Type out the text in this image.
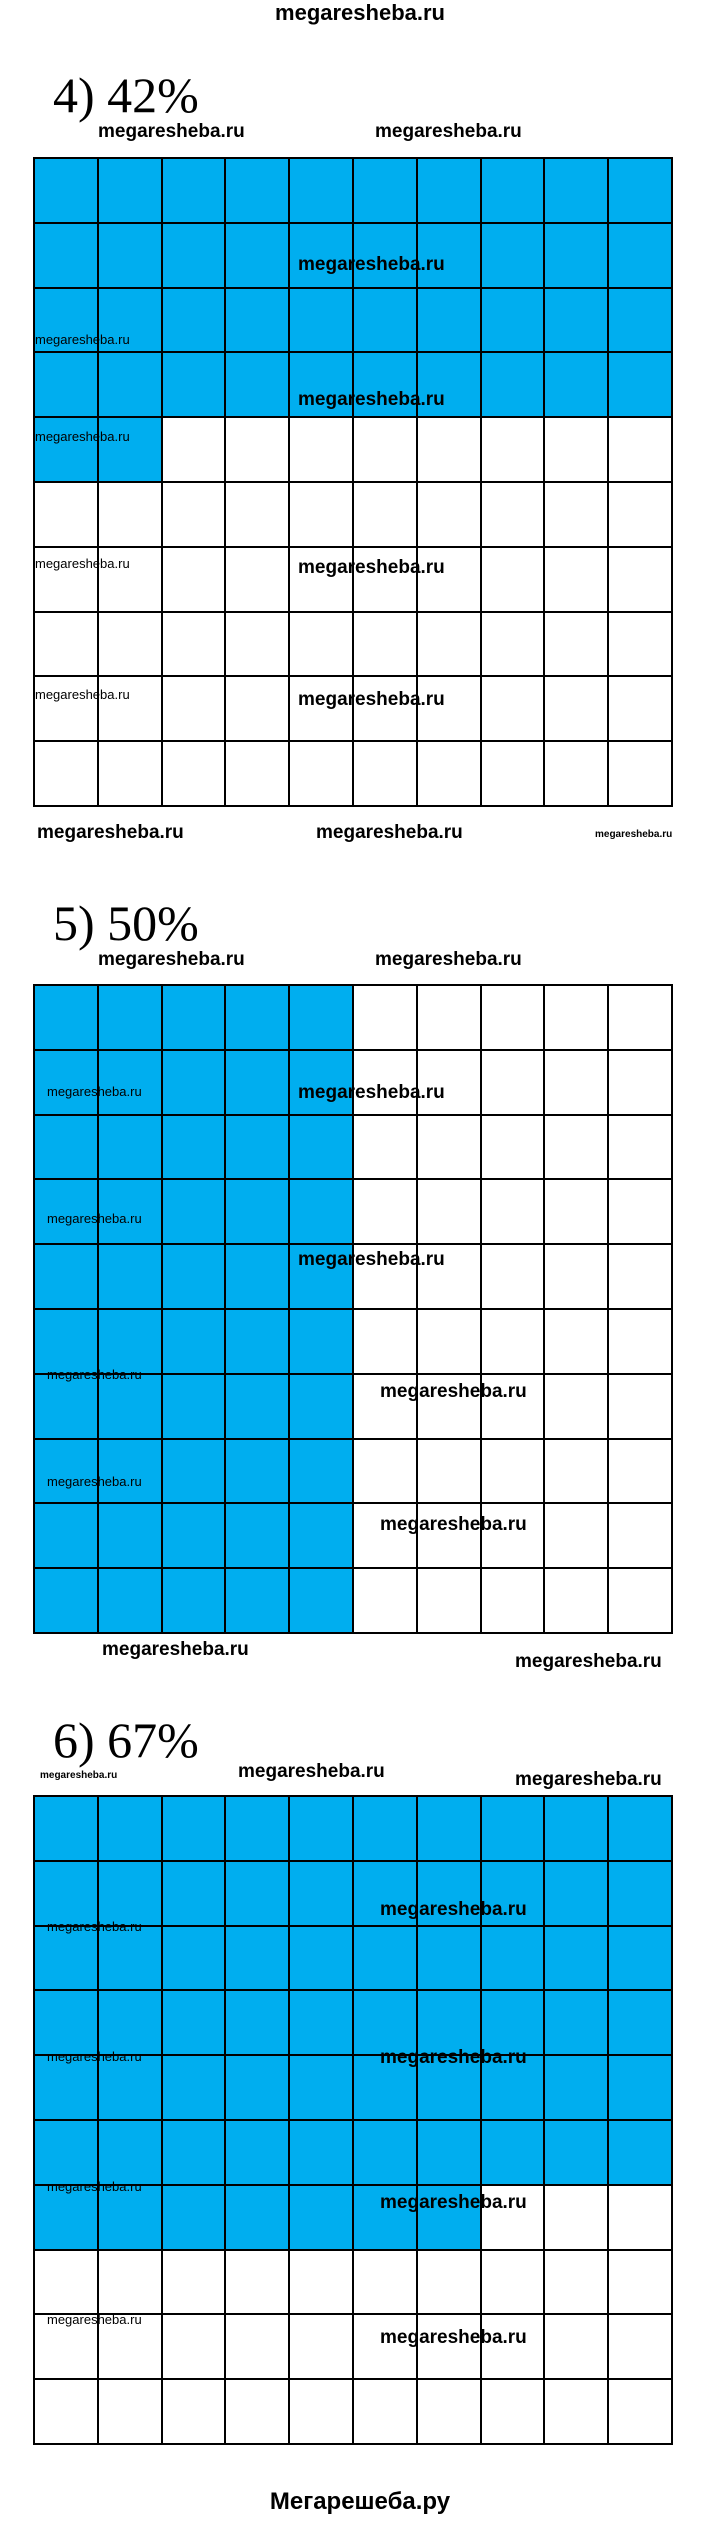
megaresheba.ru
4) 42%
megaresheba.ru	megaresheba.ru
megaresheba.ru
megaresheba.ru
megaresheba.ru
megaresheba.ru
megaresheba.ru	megaresheba.ru
megaresheba.ru	megaresheba.ru
megaresheba.ru	megaresheba.ru	megaresheba.ru
5) 50%
megaresheba.ru	megaresheba.ru
megaresheba.ru
megaresheba.ru
megaresheba.ru
megaresheba.ru
megaresheba.ru
megaresheba.ru
megaresheba.ru
megaresheba.ru
megaresheba.ru
megaresheba.ru
6) 67%
megaresheba.ru	megaresheba.ru	megaresheba.ru
megaresheba.ru
megaresheba.ru
megaresheba.ru	megaresheba.ru
megaresheba.ru
megaresheba.ru
megaresheba.ru
megaresheba.ru
Мегарешеба.ру
